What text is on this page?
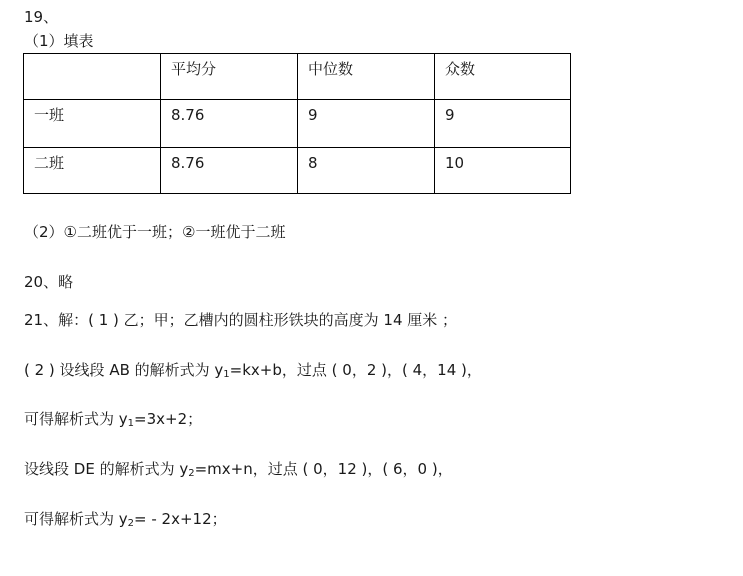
19、
（1）填表
	平均分	中位数	众数
一班	8.76	9	9
二班	8.76	8	10
（2）①二班优于一班；②一班优于二班
20、略
21、解：( 1 ) 乙；甲；乙槽内的圆柱形铁块的高度为 14 厘米 ；
( 2 ) 设线段 AB 的解析式为 $y_1=kx+b$，过点 ( 0，2 )，( 4，14 )，
可得解析式为 $y_1=3x+2$；
设线段 DE 的解析式为 $y_2=mx+n$，过点 ( 0，12 )，( 6，0 )，
可得解析式为 $y_2= - 2x+12$；
